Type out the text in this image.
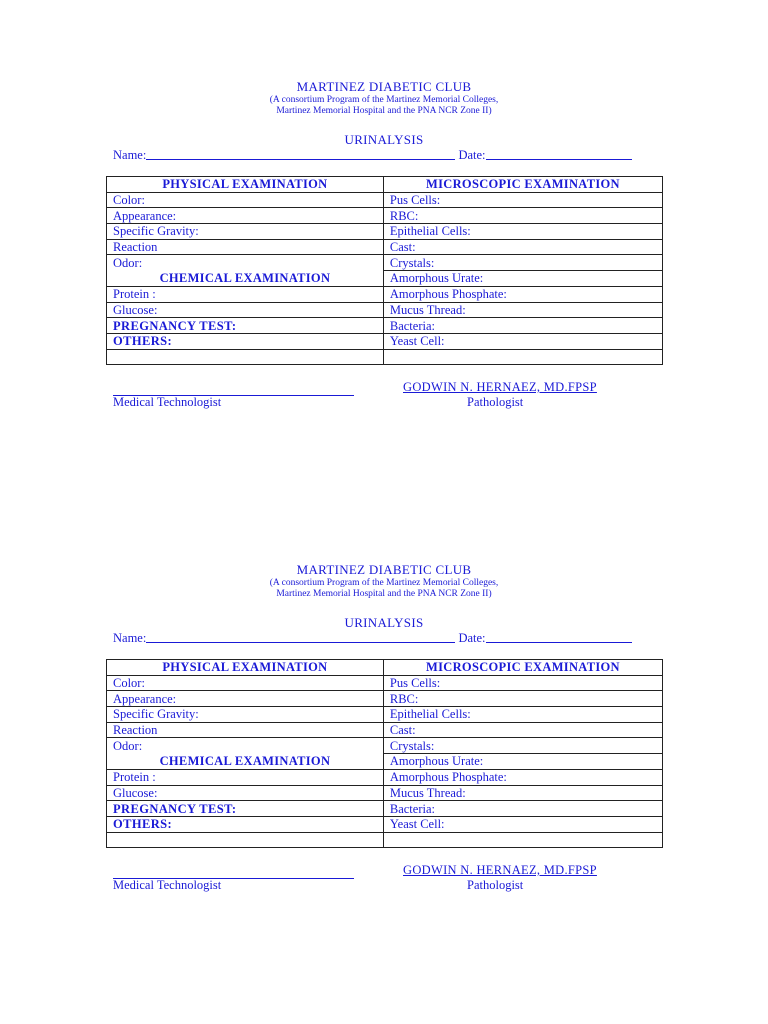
MARTINEZ DIABETIC CLUB
(A consortium Program of the Martinez Memorial Colleges,
Martinez Memorial Hospital and the PNA NCR Zone II)
URINALYSIS
Name:	Date:
PHYSICAL EXAMINATION	MICROSCOPIC EXAMINATION
Color:	Pus Cells:
Appearance:	RBC:
Specific Gravity:	Epithelial Cells:
Reaction	Cast:
Odor:	Crystals:
CHEMICAL EXAMINATION	Amorphous Urate:
Protein :	Amorphous Phosphate:
Glucose:	Mucus Thread:
PREGNANCY TEST:	Bacteria:
OTHERS:	Yeast Cell:

Medical Technologist
GODWIN N. HERNAEZ, MD.FPSP
Pathologist
MARTINEZ DIABETIC CLUB
(A consortium Program of the Martinez Memorial Colleges,
Martinez Memorial Hospital and the PNA NCR Zone II)
URINALYSIS
Name:	Date:
PHYSICAL EXAMINATION	MICROSCOPIC EXAMINATION
Color:	Pus Cells:
Appearance:	RBC:
Specific Gravity:	Epithelial Cells:
Reaction	Cast:
Odor:	Crystals:
CHEMICAL EXAMINATION	Amorphous Urate:
Protein :	Amorphous Phosphate:
Glucose:	Mucus Thread:
PREGNANCY TEST:	Bacteria:
OTHERS:	Yeast Cell:

Medical Technologist
GODWIN N. HERNAEZ, MD.FPSP
Pathologist
